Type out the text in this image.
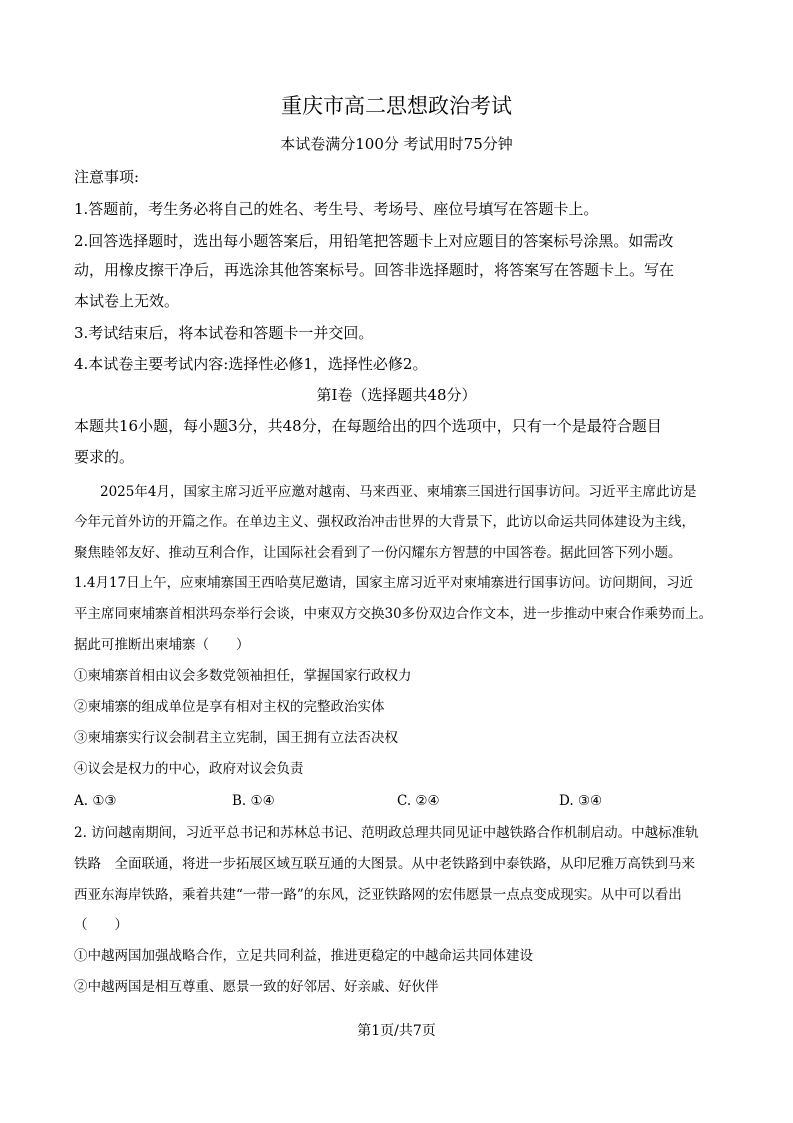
重庆市高二思想政治考试
本试卷满分100分 考试用时75分钟
注意事项:
1.答题前，考生务必将自己的姓名、考生号、考场号、座位号填写在答题卡上。
2.回答选择题时，选出每小题答案后，用铅笔把答题卡上对应题目的答案标号涂黑。如需改
动，用橡皮擦干净后，再选涂其他答案标号。回答非选择题时，将答案写在答题卡上。写在
本试卷上无效。
3.考试结束后，将本试卷和答题卡一并交回。
4.本试卷主要考试内容:选择性必修1，选择性必修2。
第Ⅰ卷（选择题共48分）
本题共16小题，每小题3分，共48分，在每题给出的四个选项中，只有一个是最符合题目
要求的。
2025年4月，国家主席习近平应邀对越南、马来西亚、柬埔寨三国进行国事访问。习近平主席此访是
今年元首外访的开篇之作。在单边主义、强权政治冲击世界的大背景下，此访以命运共同体建设为主线，
聚焦睦邻友好、推动互利合作，让国际社会看到了一份闪耀东方智慧的中国答卷。据此回答下列小题。
1.4月17日上午，应柬埔寨国王西哈莫尼邀请，国家主席习近平对柬埔寨进行国事访问。访问期间，习近
平主席同柬埔寨首相洪玛奈举行会谈，中柬双方交换30多份双边合作文本，进一步推动中柬合作乘势而上。
据此可推断出柬埔寨（　　）
①柬埔寨首相由议会多数党领袖担任，掌握国家行政权力
②柬埔寨的组成单位是享有相对主权的完整政治实体
③柬埔寨实行议会制君主立宪制，国王拥有立法否决权
④议会是权力的中心，政府对议会负责
A. ①③	B. ①④	C. ②④	D. ③④
2. 访问越南期间，习近平总书记和苏林总书记、范明政总理共同见证中越铁路合作机制启动。中越标准轨
铁路　全面联通，将进一步拓展区域互联互通的大图景。从中老铁路到中泰铁路，从印尼雅万高铁到马来
西亚东海岸铁路，乘着共建“一带一路”的东风，泛亚铁路网的宏伟愿景一点点变成现实。从中可以看出
（　　）
①中越两国加强战略合作，立足共同利益，推进更稳定的中越命运共同体建设
②中越两国是相互尊重、愿景一致的好邻居、好亲戚、好伙伴
第1页/共7页
